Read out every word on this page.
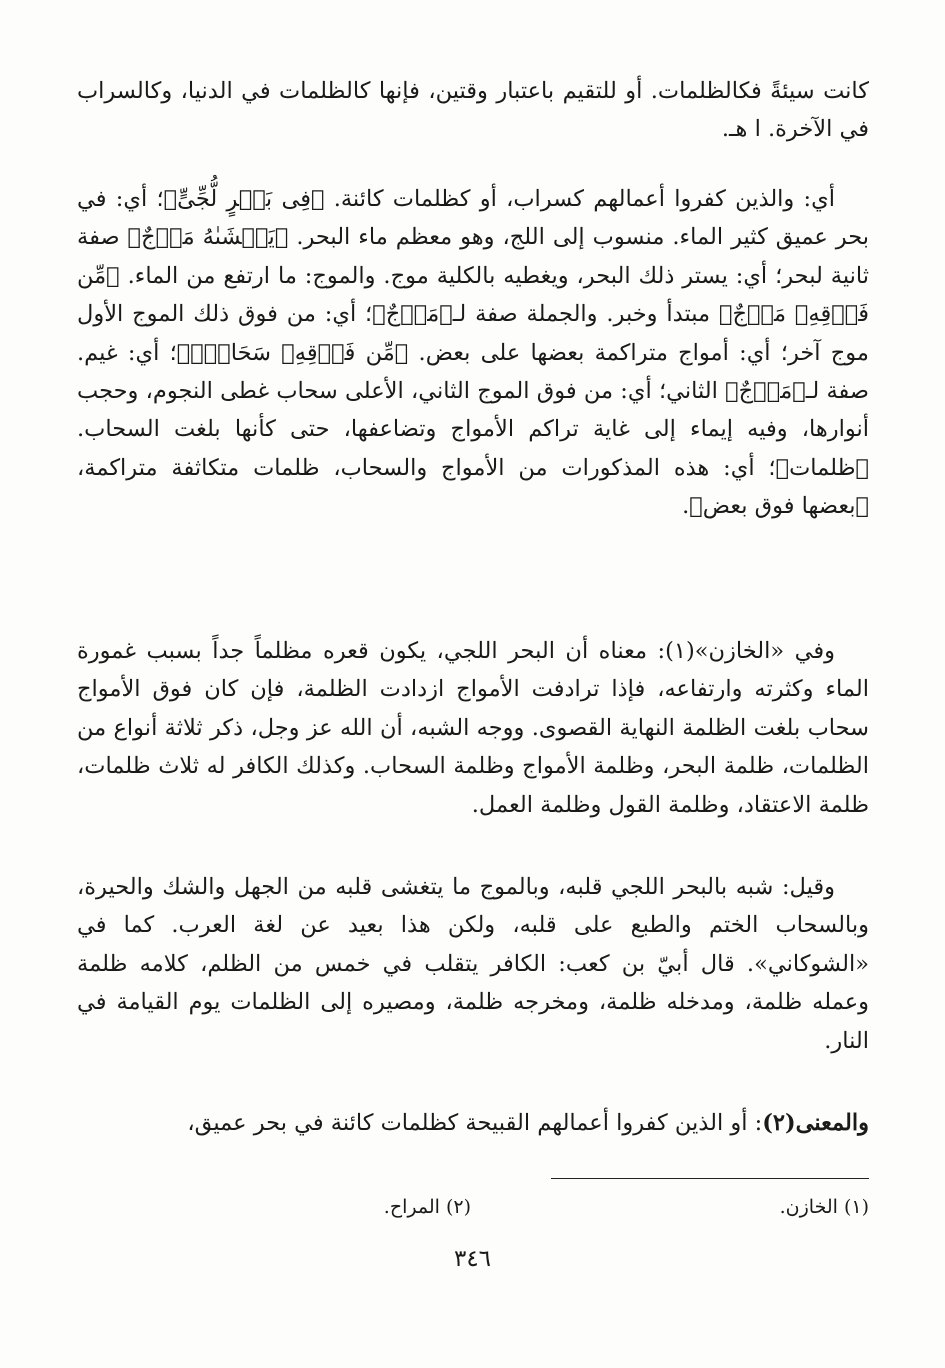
كانت سيئةً فكالظلمات. أو للتقيم باعتبار وقتين، فإنها كالظلمات في الدنيا، وكالسراب في الآخرة. ا هـ.

أي: والذين كفروا أعمالهم كسراب، أو كظلمات كائنة. ﴿فِى بَحۡرٍ لُّجِّىٍّ﴾؛ أي: في بحر عميق كثير الماء. منسوب إلى اللج، وهو معظم ماء البحر. ﴿يَغۡشَىٰهُ مَوۡجٌ﴾ صفة ثانية لبحر؛ أي: يستر ذلك البحر، ويغطيه بالكلية موج. والموج: ما ارتفع من الماء. ﴿مِّن فَوۡقِهِۦ مَوۡجٌ﴾ مبتدأ وخبر. والجملة صفة لـ﴿مَوۡجٌ﴾؛ أي: من فوق ذلك الموج الأول موج آخر؛ أي: أمواج متراكمة بعضها على بعض. ﴿مِّن فَوۡقِهِۦ سَحَابٌۚ﴾؛ أي: غيم. صفة لـ﴿مَوۡجٌ﴾ الثاني؛ أي: من فوق الموج الثاني، الأعلى سحاب غطى النجوم، وحجب أنوارها، وفيه إيماء إلى غاية تراكم الأمواج وتضاعفها، حتى كأنها بلغت السحاب. ﴿ظلمات﴾؛ أي: هذه المذكورات من الأمواج والسحاب، ظلمات متكاثفة متراكمة، ﴿بعضها فوق بعض﴾.

وفي «الخازن»(١): معناه أن البحر اللجي، يكون قعره مظلماً جداً بسبب غمورة الماء وكثرته وارتفاعه، فإذا ترادفت الأمواج ازدادت الظلمة، فإن كان فوق الأمواج سحاب بلغت الظلمة النهاية القصوى. ووجه الشبه، أن الله عز وجل، ذكر ثلاثة أنواع من الظلمات، ظلمة البحر، وظلمة الأمواج وظلمة السحاب. وكذلك الكافر له ثلاث ظلمات، ظلمة الاعتقاد، وظلمة القول وظلمة العمل.

وقيل: شبه بالبحر اللجي قلبه، وبالموج ما يتغشى قلبه من الجهل والشك والحيرة، وبالسحاب الختم والطبع على قلبه، ولكن هذا بعيد عن لغة العرب. كما في «الشوكاني». قال أبيّ بن كعب: الكافر يتقلب في خمس من الظلم، كلامه ظلمة وعمله ظلمة، ومدخله ظلمة، ومخرجه ظلمة، ومصيره إلى الظلمات يوم القيامة في النار.

والمعنى(٢): أو الذين كفروا أعمالهم القبيحة كظلمات كائنة في بحر عميق،

(١) الخازن.
(٢) المراح.
٣٤٦
